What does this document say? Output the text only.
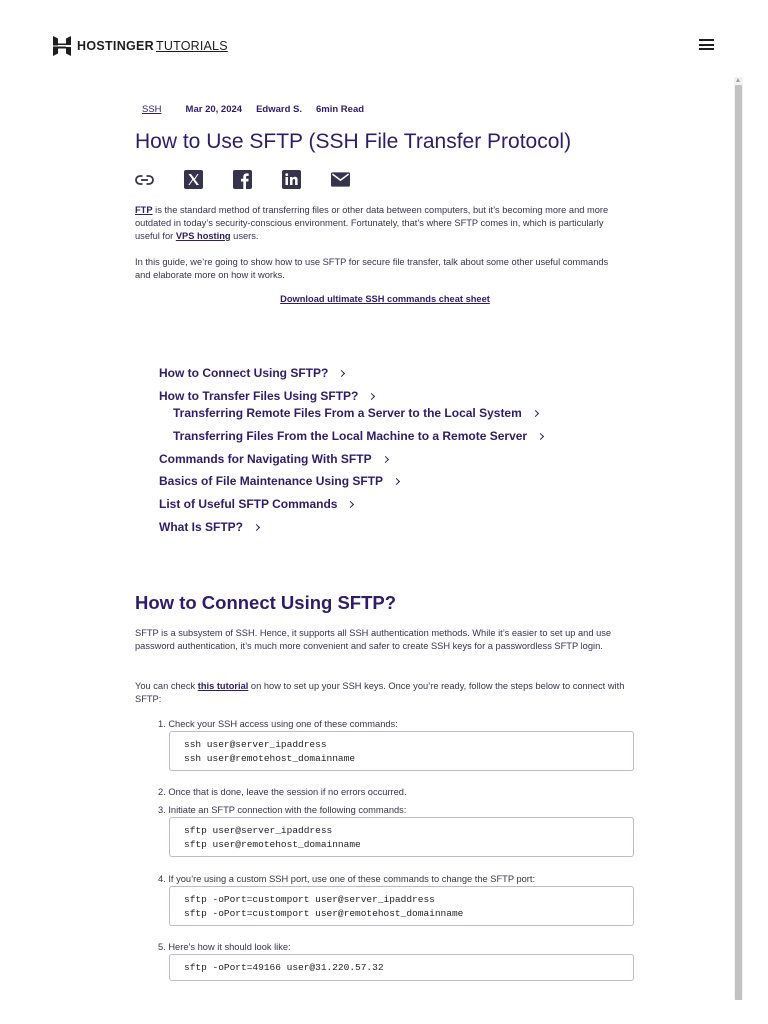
HOSTINGER TUTORIALS
SSH	Mar 20, 2024 Edward S. 6min Read
How to Use SFTP (SSH File Transfer Protocol)

FTP is the standard method of transferring files or other data between computers, but it’s becoming more and more outdated in today’s security-conscious environment. Fortunately, that’s where SFTP comes in, which is particularly useful for VPS hosting users.

In this guide, we’re going to show how to use SFTP for secure file transfer, talk about some other useful commands and elaborate more on how it works.

Download ultimate SSH commands cheat sheet
How to Connect Using SFTP?
How to Transfer Files Using SFTP?
Transferring Remote Files From a Server to the Local System
Transferring Files From the Local Machine to a Remote Server
Commands for Navigating With SFTP
Basics of File Maintenance Using SFTP
List of Useful SFTP Commands
What Is SFTP?
How to Connect Using SFTP?

SFTP is a subsystem of SSH. Hence, it supports all SSH authentication methods. While it’s easier to set up and use password authentication, it’s much more convenient and safer to create SSH keys for a passwordless SFTP login.

You can check this tutorial on how to set up your SSH keys. Once you’re ready, follow the steps below to connect with SFTP:

1. Check your SSH access using one of these commands:
ssh user@server_ipaddress
ssh user@remotehost_domainname
2. Once that is done, leave the session if no errors occurred.
3. Initiate an SFTP connection with the following commands:
sftp user@server_ipaddress
sftp user@remotehost_domainname
4. If you’re using a custom SSH port, use one of these commands to change the SFTP port:
sftp -oPort=customport user@server_ipaddress
sftp -oPort=customport user@remotehost_domainname
5. Here’s how it should look like:
sftp -oPort=49166 user@31.220.57.32
